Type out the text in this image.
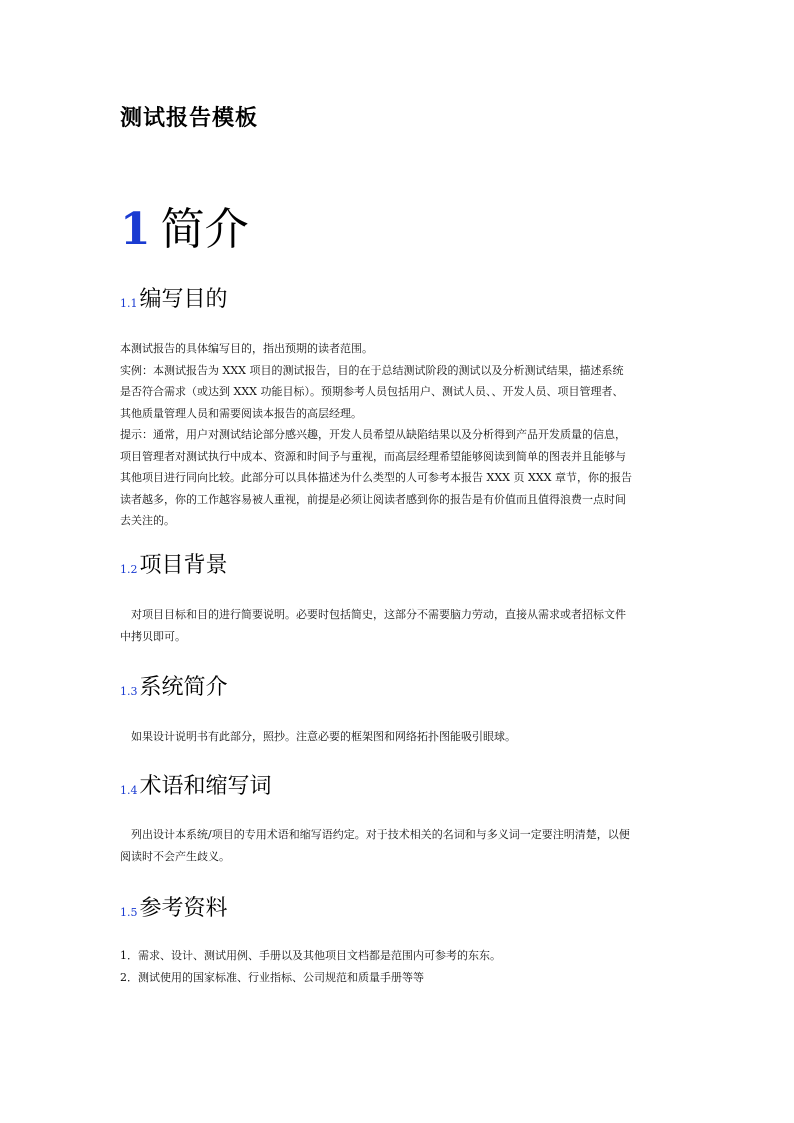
测试报告模板
1 简介
1.1编写目的

本测试报告的具体编写目的，指出预期的读者范围。
实例：本测试报告为 XXX 项目的测试报告，目的在于总结测试阶段的测试以及分析测试结果，描述系统
是否符合需求（或达到 XXX 功能目标）。预期参考人员包括用户、测试人员、、开发人员、项目管理者、
其他质量管理人员和需要阅读本报告的高层经理。
提示：通常，用户对测试结论部分感兴趣，开发人员希望从缺陷结果以及分析得到产品开发质量的信息，
项目管理者对测试执行中成本、资源和时间予与重视，而高层经理希望能够阅读到简单的图表并且能够与
其他项目进行同向比较。此部分可以具体描述为什么类型的人可参考本报告 XXX 页 XXX 章节，你的报告
读者越多，你的工作越容易被人重视，前提是必须让阅读者感到你的报告是有价值而且值得浪费一点时间
去关注的。

1.2项目背景

对项目目标和目的进行简要说明。必要时包括简史，这部分不需要脑力劳动，直接从需求或者招标文件
中拷贝即可。

1.3系统简介

如果设计说明书有此部分，照抄。注意必要的框架图和网络拓扑图能吸引眼球。

1.4术语和缩写词

列出设计本系统/项目的专用术语和缩写语约定。对于技术相关的名词和与多义词一定要注明清楚，以便
阅读时不会产生歧义。

1.5参考资料
1．需求、设计、测试用例、手册以及其他项目文档都是范围内可参考的东东。
2．测试使用的国家标准、行业指标、公司规范和质量手册等等
